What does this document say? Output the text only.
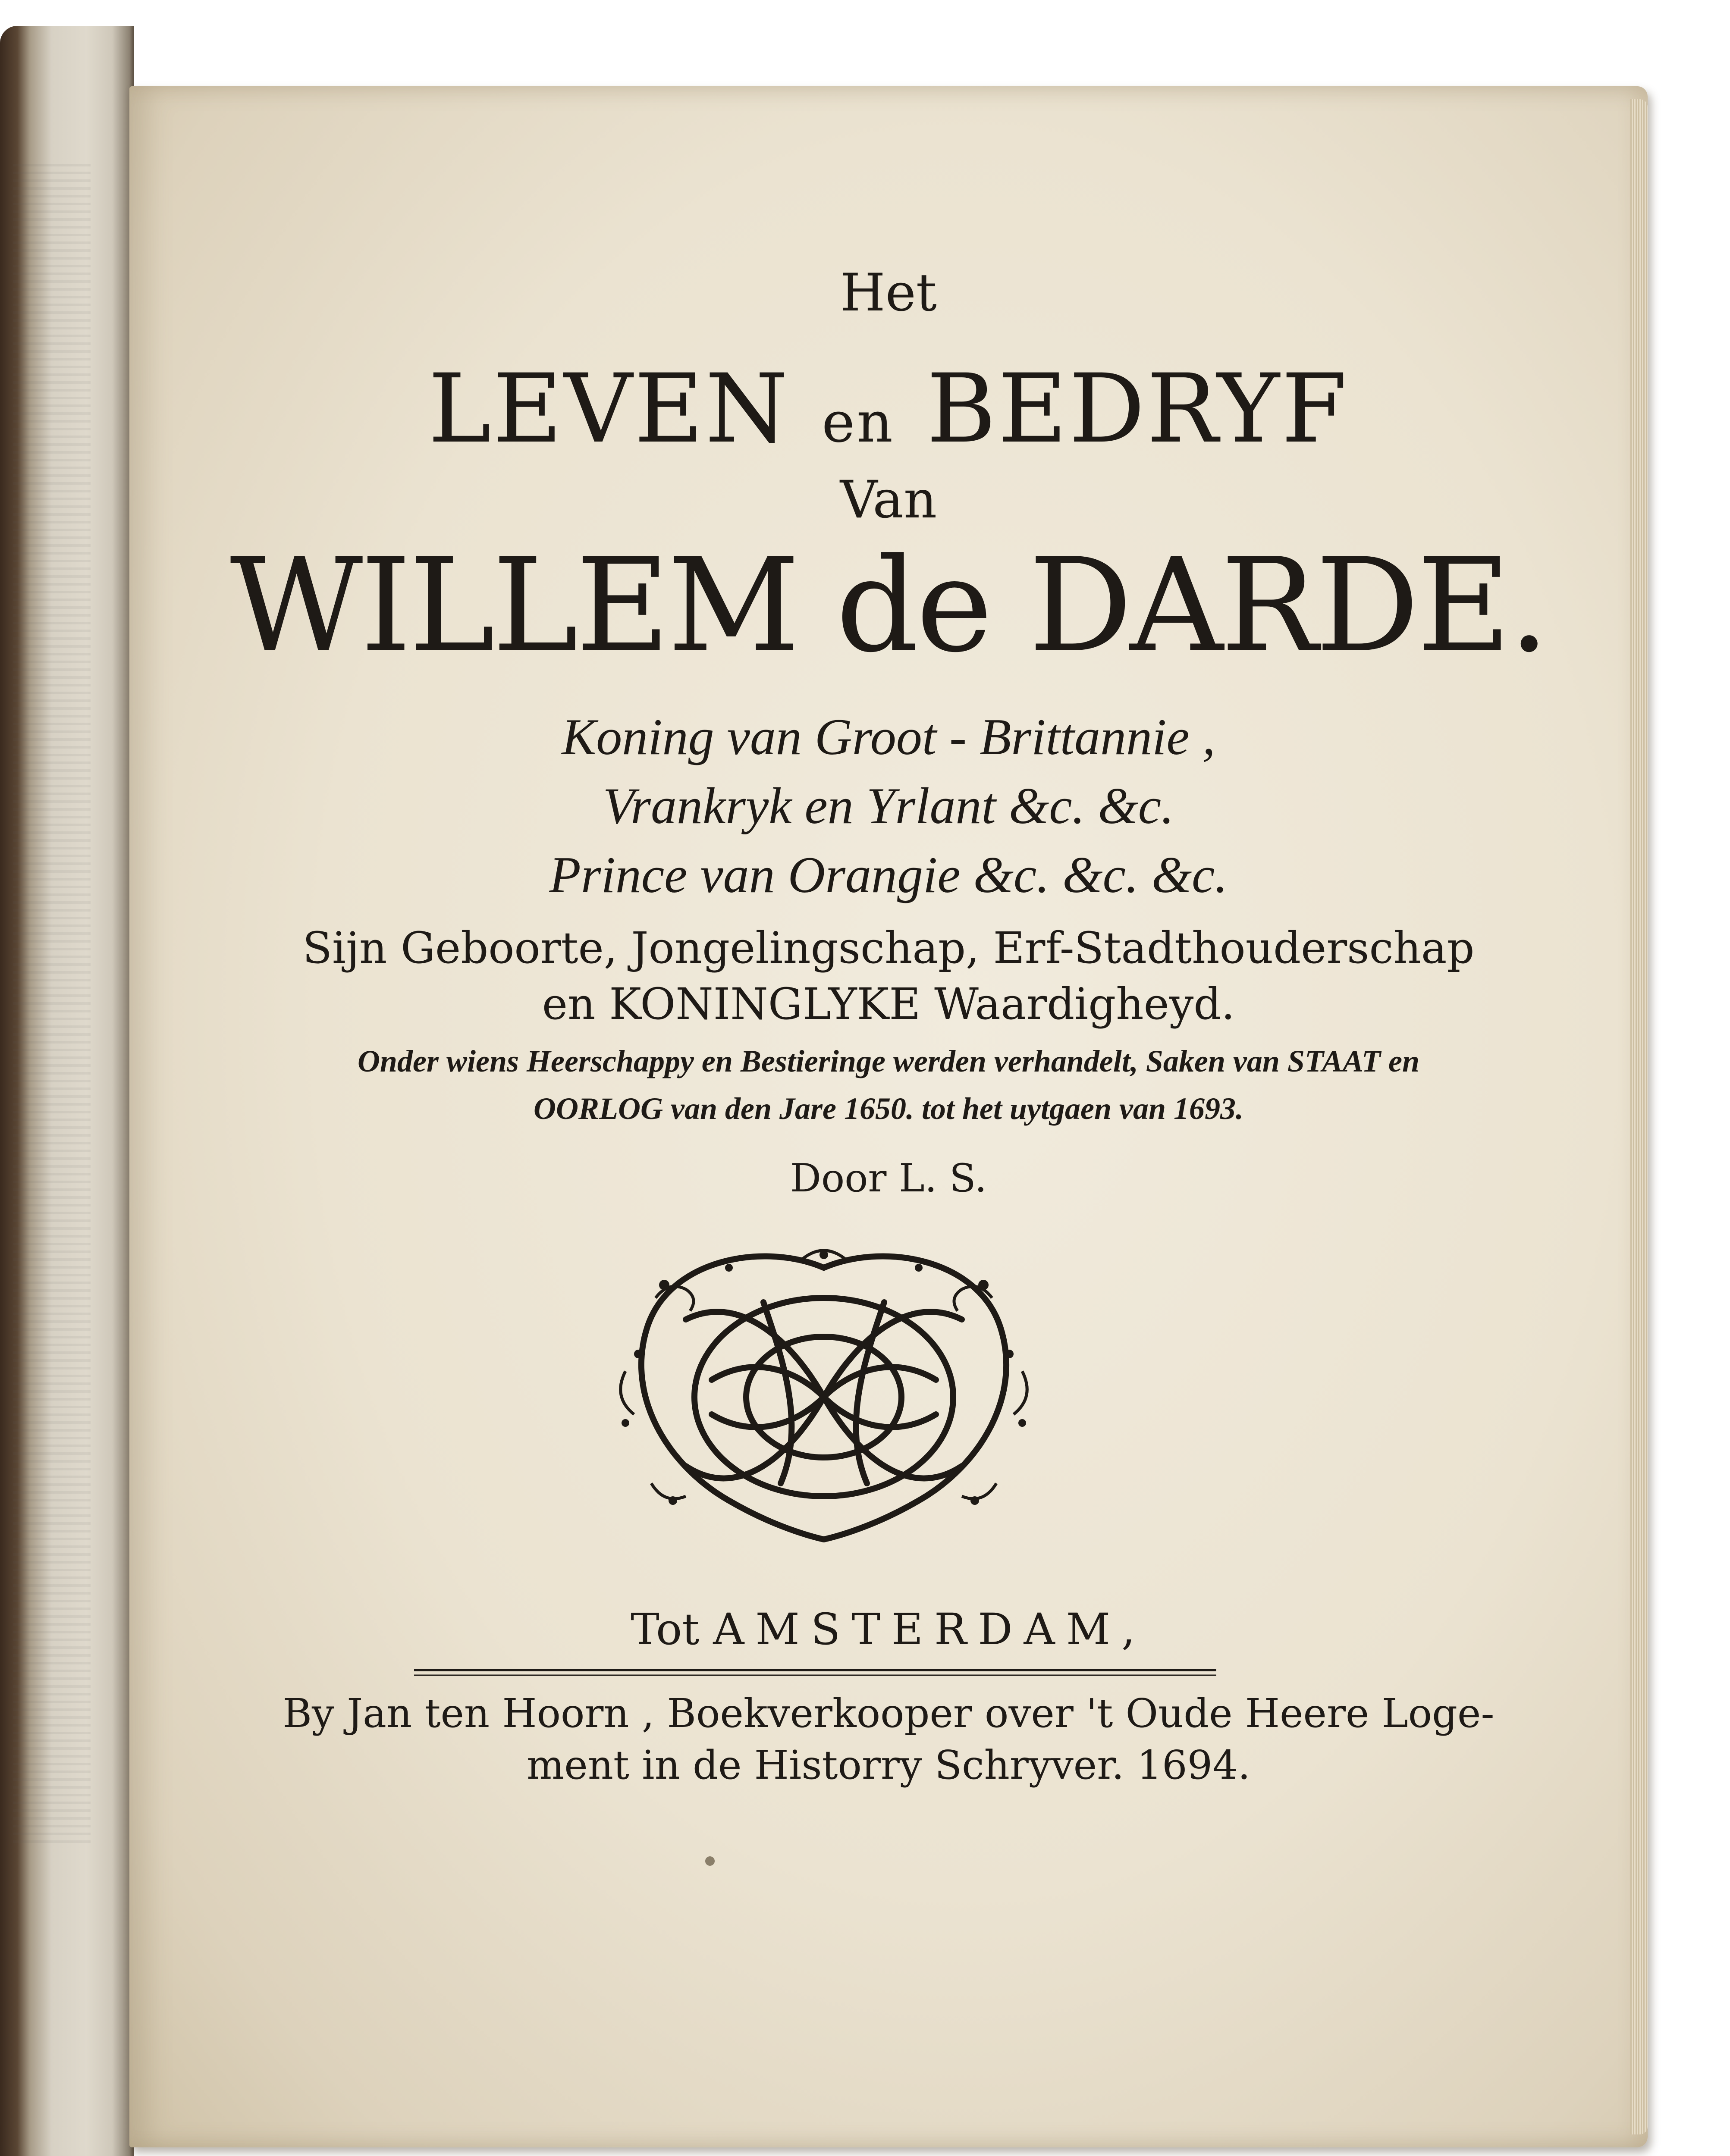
Het

LEVEN en BEDRYF

Van

WILLEM de DARDE.

Koning van Groot - Brittannie ,

Vrankryk en Yrlant &c. &c.

Prince van Orangie &c. &c. &c.

Sijn Geboorte, Jongelingschap, Erf-Stadthouderschap

en KONINGLYKE Waardigheyd.

Onder wiens Heerschappy en Bestieringe werden verhandelt, Saken van STAAT en

OORLOG van den Jare 1650. tot het uytgaen van 1693.

Door L. S.

Tot AMSTERDAM,

By Jan ten Hoorn , Boekverkooper over 't Oude Heere Loge-

ment in de Historry Schryver. 1694.
